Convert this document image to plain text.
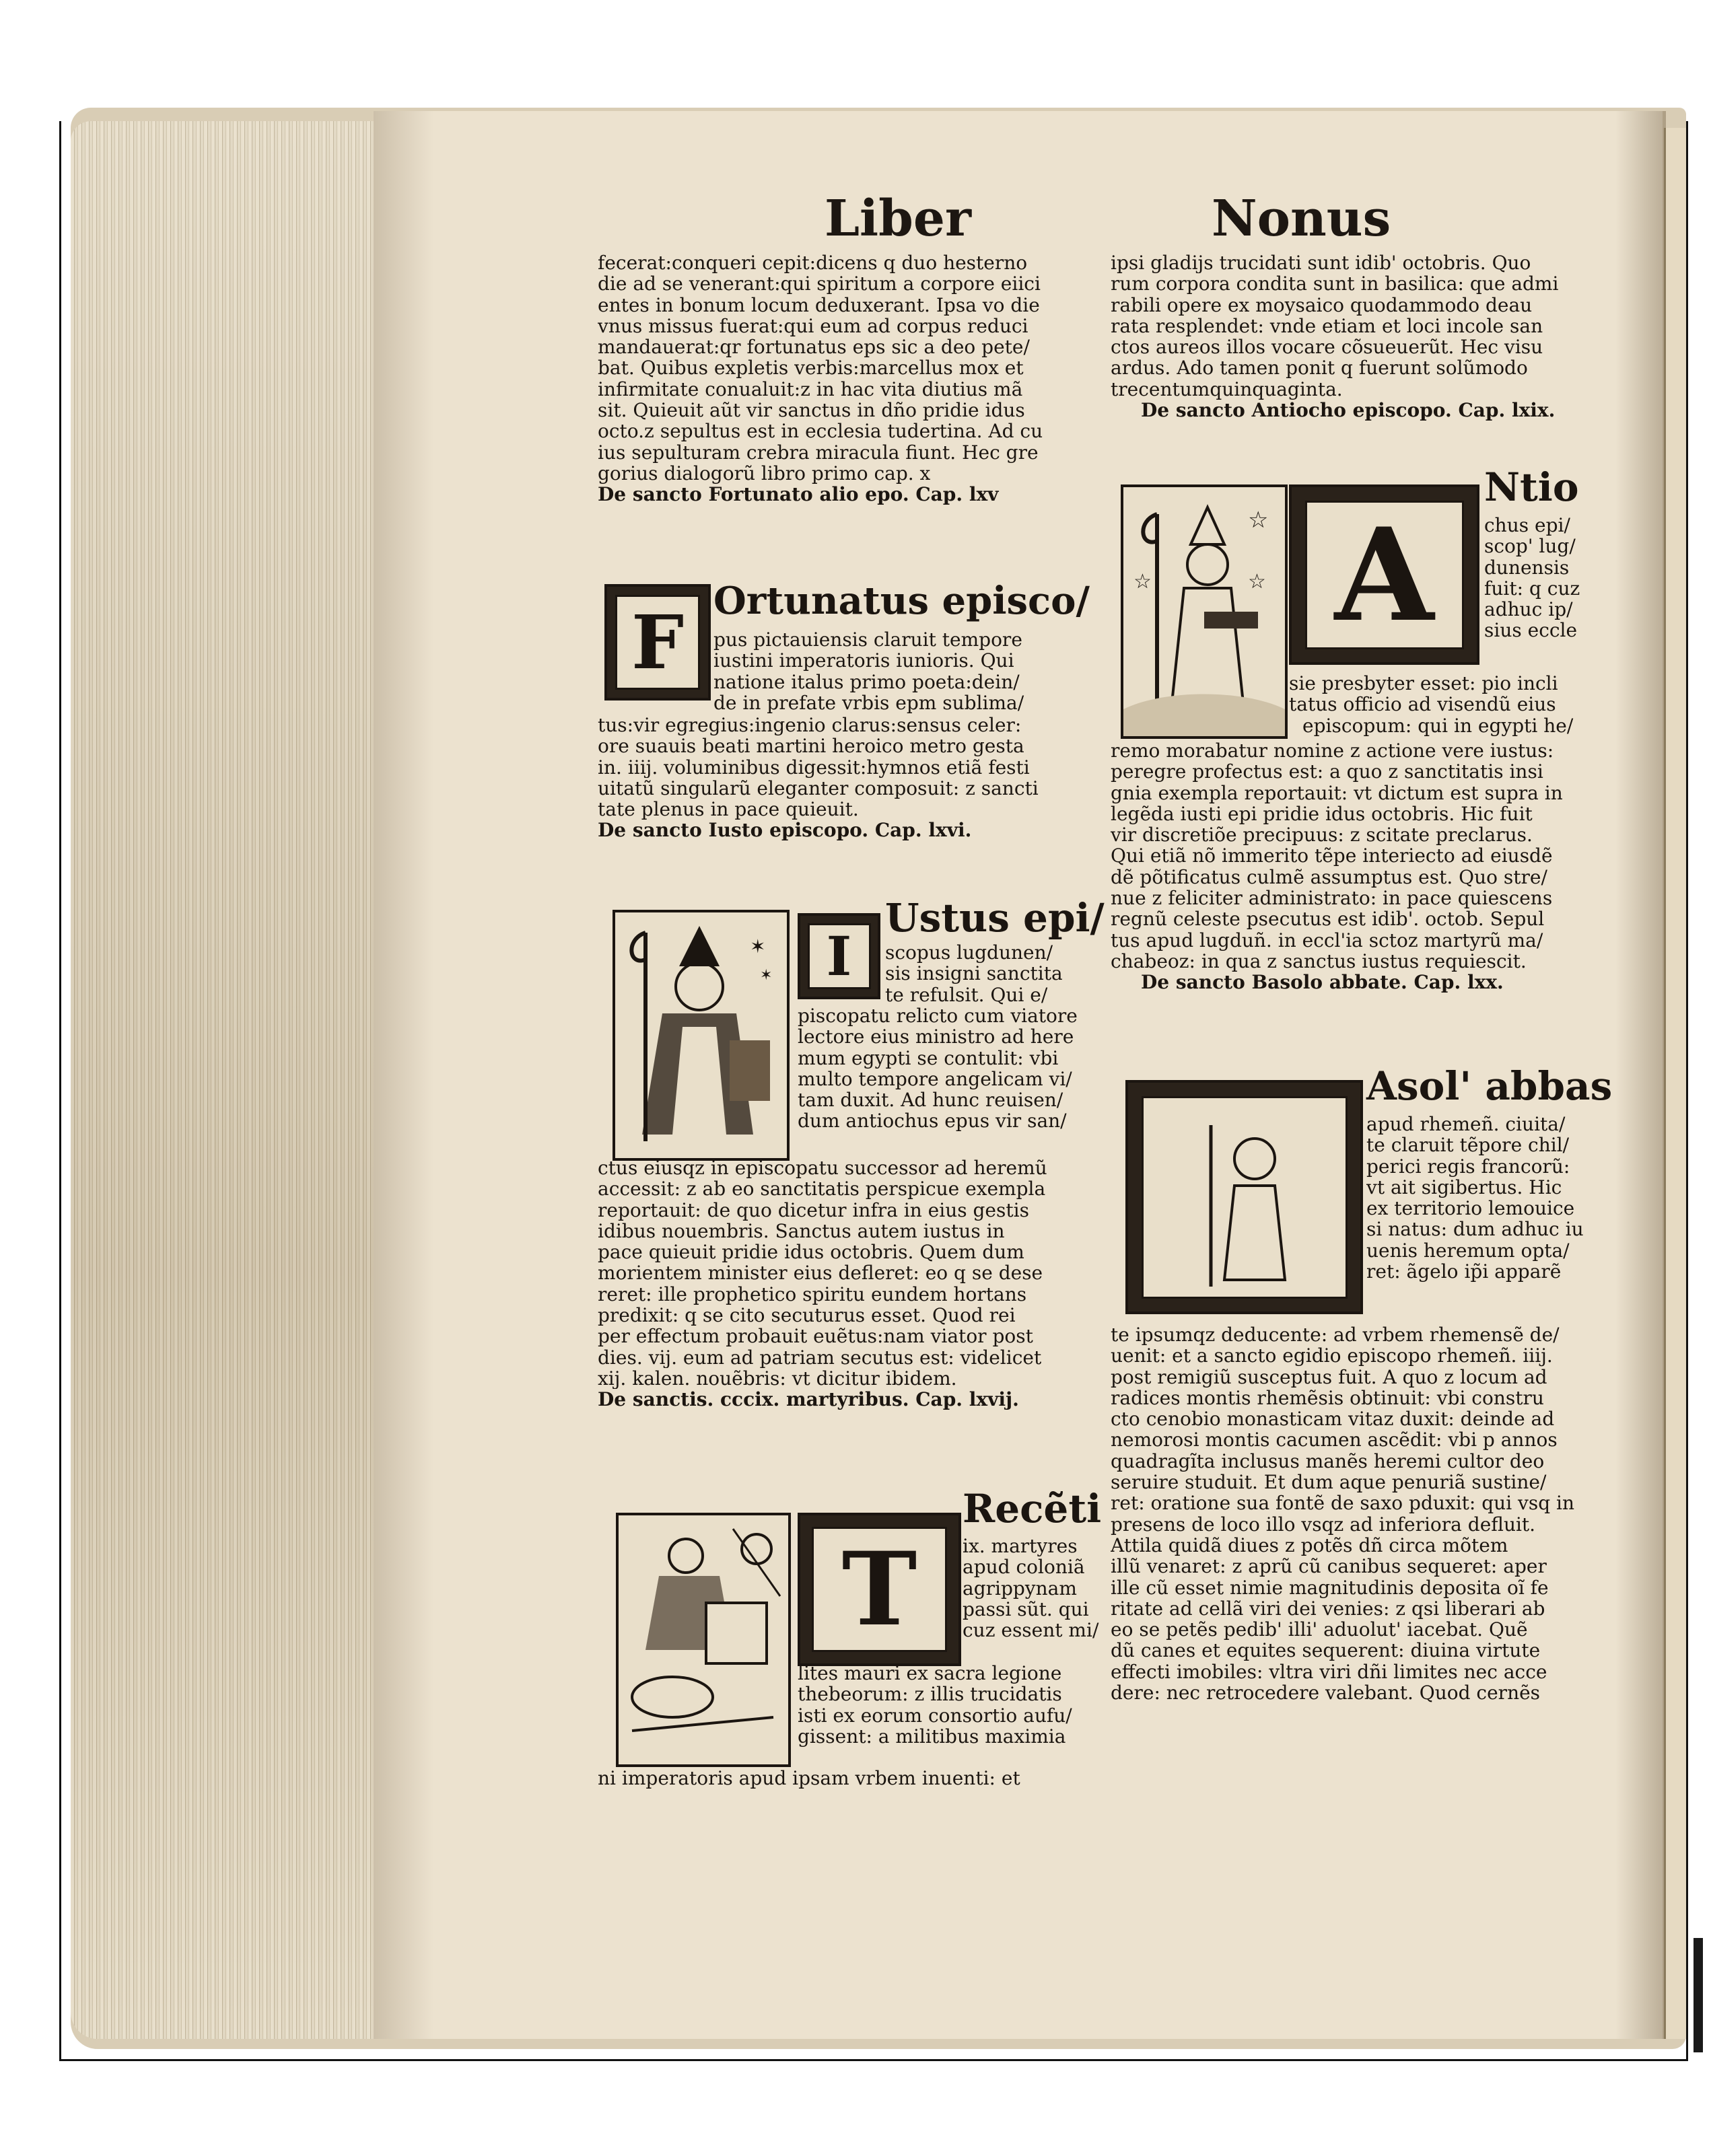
Liber	Nonus
fecerat:conqueri cepit:dicens q duo hesterno
die ad se venerant:qui spiritum a corpore eiici
entes in bonum locum deduxerant. Ipsa vo die
vnus missus fuerat:qui eum ad corpus reduci
mandauerat:qr fortunatus eps sic a deo pete/
bat. Quibus expletis verbis:marcellus mox et
infirmitate conualuit:z in hac vita diutius mã
sit. Quieuit aũt vir sanctus in dño pridie idus
octo.z sepultus est in ecclesia tudertina. Ad cu
ius sepulturam crebra miracula fiunt. Hec gre
gorius dialogorũ libro primo cap. x
De sancto Fortunato alio epo. Cap. lxv
F Ortunatus episco/
pus pictauiensis claruit tempore
iustini imperatoris iunioris. Qui
natione italus primo poeta:dein/
de in prefate vrbis epm sublima/
tus:vir egregius:ingenio clarus:sensus celer:
ore suauis beati martini heroico metro gesta
in. iiij. voluminibus digessit:hymnos etiã festi
uitatũ singularũ eleganter composuit: z sancti
tate plenus in pace quieuit.
De sancto Iusto episcopo. Cap. lxvi.
✶
✶	I
Ustus epi/
scopus lugdunen/
sis insigni sanctita
te refulsit. Qui e/
piscopatu relicto cum viatore
lectore eius ministro ad here
mum egypti se contulit: vbi
multo tempore angelicam vi/
tam duxit. Ad hunc reuisen/
dum antiochus epus vir san/
ctus eiusqz in episcopatu successor ad heremũ
accessit: z ab eo sanctitatis perspicue exempla
reportauit: de quo dicetur infra in eius gestis
idibus nouembris. Sanctus autem iustus in
pace quieuit pridie idus octobris. Quem dum
morientem minister eius defleret: eo q se dese
reret: ille prophetico spiritu eundem hortans
predixit: q se cito secuturus esset. Quod rei
per effectum probauit euẽtus:nam viator post
dies. vij. eum ad patriam secutus est: videlicet
xij. kalen. nouẽbris: vt dicitur ibidem.
De sanctis. cccix. martyribus. Cap. lxvij.
T
Recẽti
ix. martyres
apud coloniã
agrippynam
passi sũt. qui
cuz essent mi/
lites mauri ex sacra legione
thebeorum: z illis trucidatis
isti ex eorum consortio aufu/
gissent: a militibus maximia
ni imperatoris apud ipsam vrbem inuenti: et
ipsi gladijs trucidati sunt idib' octobris. Quo
rum corpora condita sunt in basilica: que admi
rabili opere ex moysaico quodammodo deau
rata resplendet: vnde etiam et loci incole san
ctos aureos illos vocare cõsueuerũt. Hec visu
ardus. Ado tamen ponit q fuerunt solũmodo
trecentumquinquaginta.
De sancto Antiocho episcopo. Cap. lxix.
☆
☆	☆ A
Ntio
chus epi/
scop' lug/
dunensis
fuit: q cuz
adhuc ip/
sius eccle
sie presbyter esset: pio incli
tatus officio ad visendũ eius
episcopum: qui in egypti he/
remo morabatur nomine z actione vere iustus:
peregre profectus est: a quo z sanctitatis insi
gnia exempla reportauit: vt dictum est supra in
legẽda iusti epi pridie idus octobris. Hic fuit
vir discretiõe precipuus: z scitate preclarus.
Qui etiã nõ immerito tẽpe interiecto ad eiusdẽ
dẽ põtificatus culmẽ assumptus est. Quo stre/
nue z feliciter administrato: in pace quiescens
regnũ celeste psecutus est idib'. octob. Sepul
tus apud lugduñ. in eccl'ia sctoz martyrũ ma/
chabeoz: in qua z sanctus iustus requiescit.
De sancto Basolo abbate. Cap. lxx.
Asol' abbas
apud rhemeñ. ciuita/
te claruit tẽpore chil/
perici regis francorũ:
vt ait sigibertus. Hic
ex territorio lemouice
si natus: dum adhuc iu
uenis heremum opta/
ret: ãgelo ip̃i apparẽ
te ipsumqz deducente: ad vrbem rhemensẽ de/
uenit: et a sancto egidio episcopo rhemeñ. iiij.
post remigiũ susceptus fuit. A quo z locum ad
radices montis rhemẽsis obtinuit: vbi constru
cto cenobio monasticam vitaz duxit: deinde ad
nemorosi montis cacumen ascẽdit: vbi p annos
quadragĩta inclusus manẽs heremi cultor deo
seruire studuit. Et dum aque penuriã sustine/
ret: oratione sua fontẽ de saxo pduxit: qui vsq in
presens de loco illo vsqz ad inferiora defluit.
Attila quidã diues z potẽs dñ circa mõtem
illũ venaret: z aprũ cũ canibus sequeret: aper
ille cũ esset nimie magnitudinis deposita oĩ fe
ritate ad cellã viri dei venies: z qsi liberari ab
eo se petẽs pedib' illi' aduolut' iacebat. Quẽ
dũ canes et equites sequerent: diuina virtute
effecti imobiles: vltra viri dñi limites nec acce
dere: nec retrocedere valebant. Quod cernẽs
